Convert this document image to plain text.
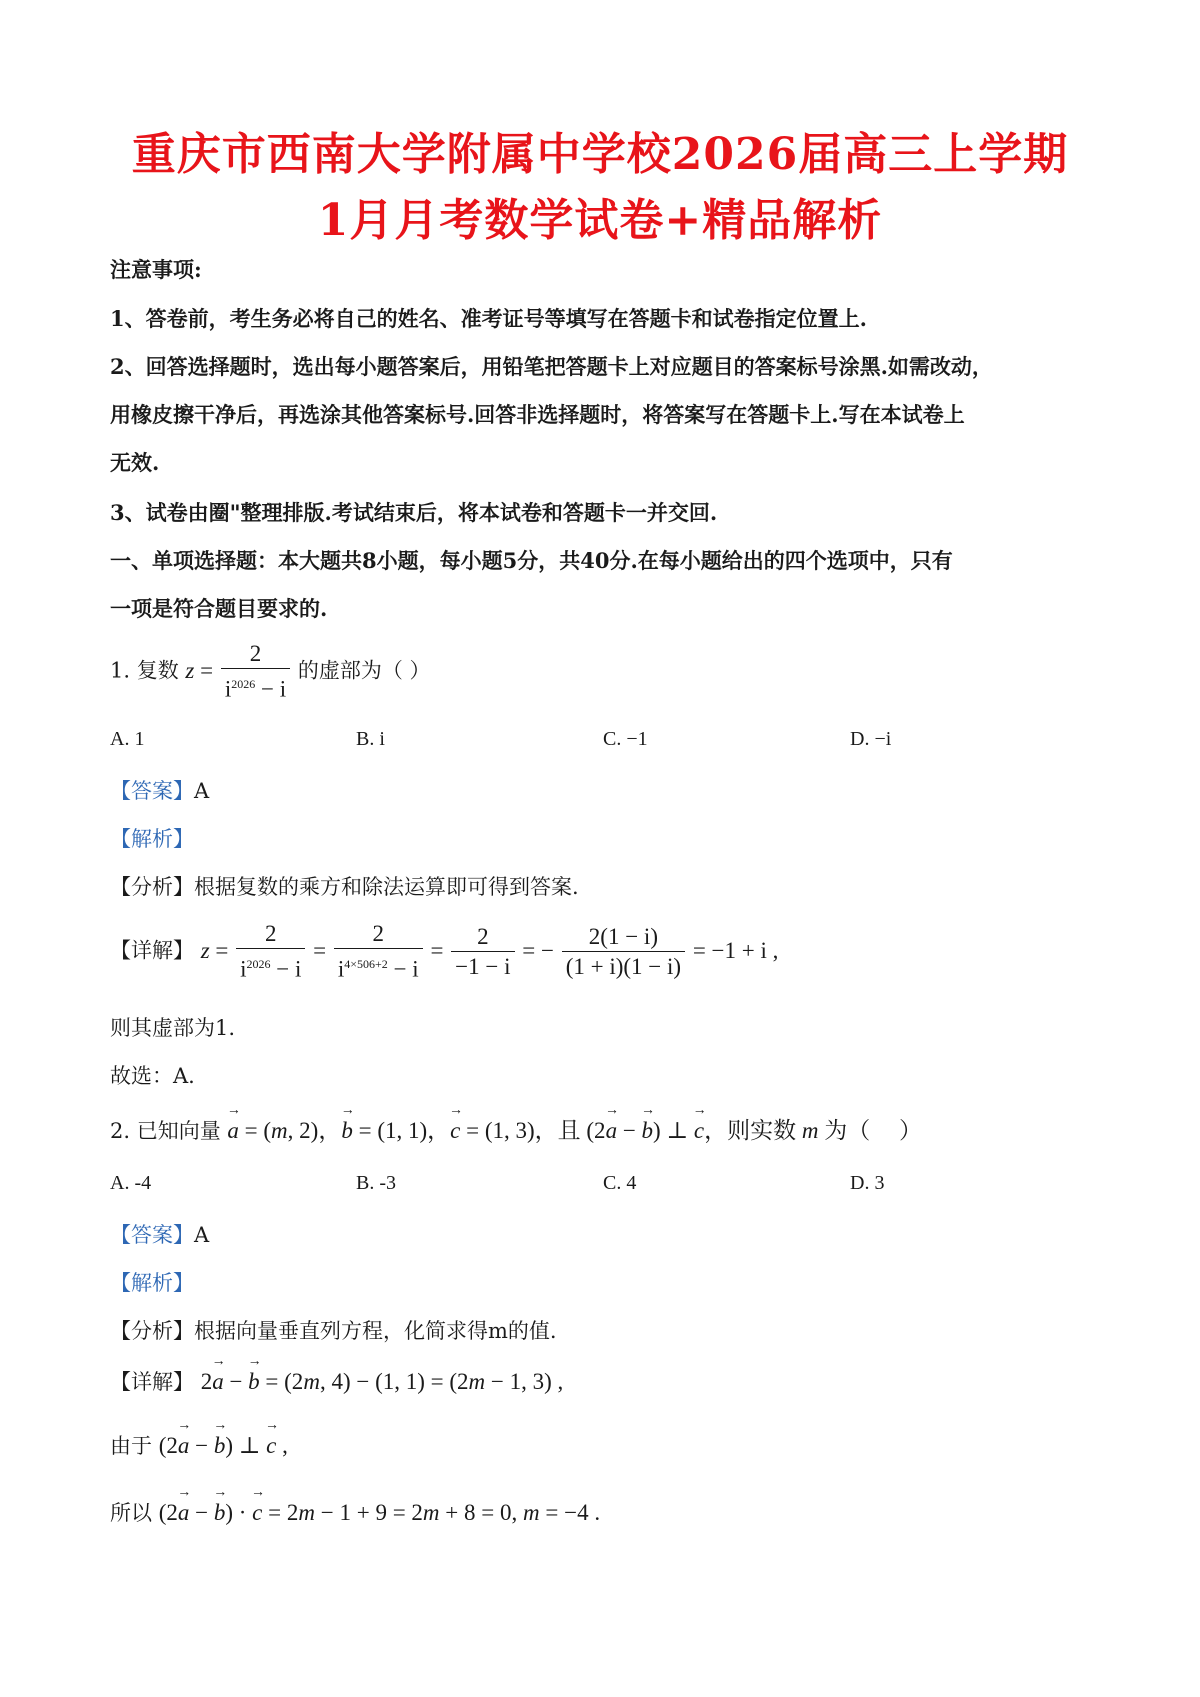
重庆市西南大学附属中学校2026届高三上学期
1月月考数学试卷+精品解析
注意事项:
1、答卷前，考生务必将自己的姓名、准考证号等填写在答题卡和试卷指定位置上.
2、回答选择题时，选出每小题答案后，用铅笔把答题卡上对应题目的答案标号涂黑.如需改动，
用橡皮擦干净后，再选涂其他答案标号.回答非选择题时，将答案写在答题卡上.写在本试卷上
无效.
3、试卷由圈"整理排版.考试结束后，将本试卷和答题卡一并交回.
一、单项选择题：本大题共8小题，每小题5分，共40分.在每小题给出的四个选项中，只有
一项是符合题目要求的.
1. 复数 $z = \frac{2}{i^{2026} - i}$ 的虚部为（ ）
A. 1	B. i	C. −1	D. −i
【答案】A
【解析】
【分析】根据复数的乘方和除法运算即可得到答案.
【详解】 $z = \frac{2}{i^{2026} - i} = \frac{2}{i^{4\times 506+2} - i} = \frac{2}{-1 - i}$ = − $\frac{2(1 - i)}{(1 + i)(1 - i)} = -1 + i$ ,
则其虚部为1.
故选：A.
2. 已知向量 a → = (m, 2)，b → = (1, 1)，c → = (1, 3)，且 (2a → − b →) ⊥ c →，则实数 m 为（     ）
A. -4	B. -3	C. 4	D. 3
【答案】A
【解析】
【分析】根据向量垂直列方程，化简求得m的值.
【详解】 2a → − b → = (2m, 4) − (1, 1) = (2m − 1, 3) ,
由于 (2a → − b →) ⊥ c → ,
所以 (2a → − b →) · c → = 2m − 1 + 9 = 2m + 8 = 0, m = −4 .
